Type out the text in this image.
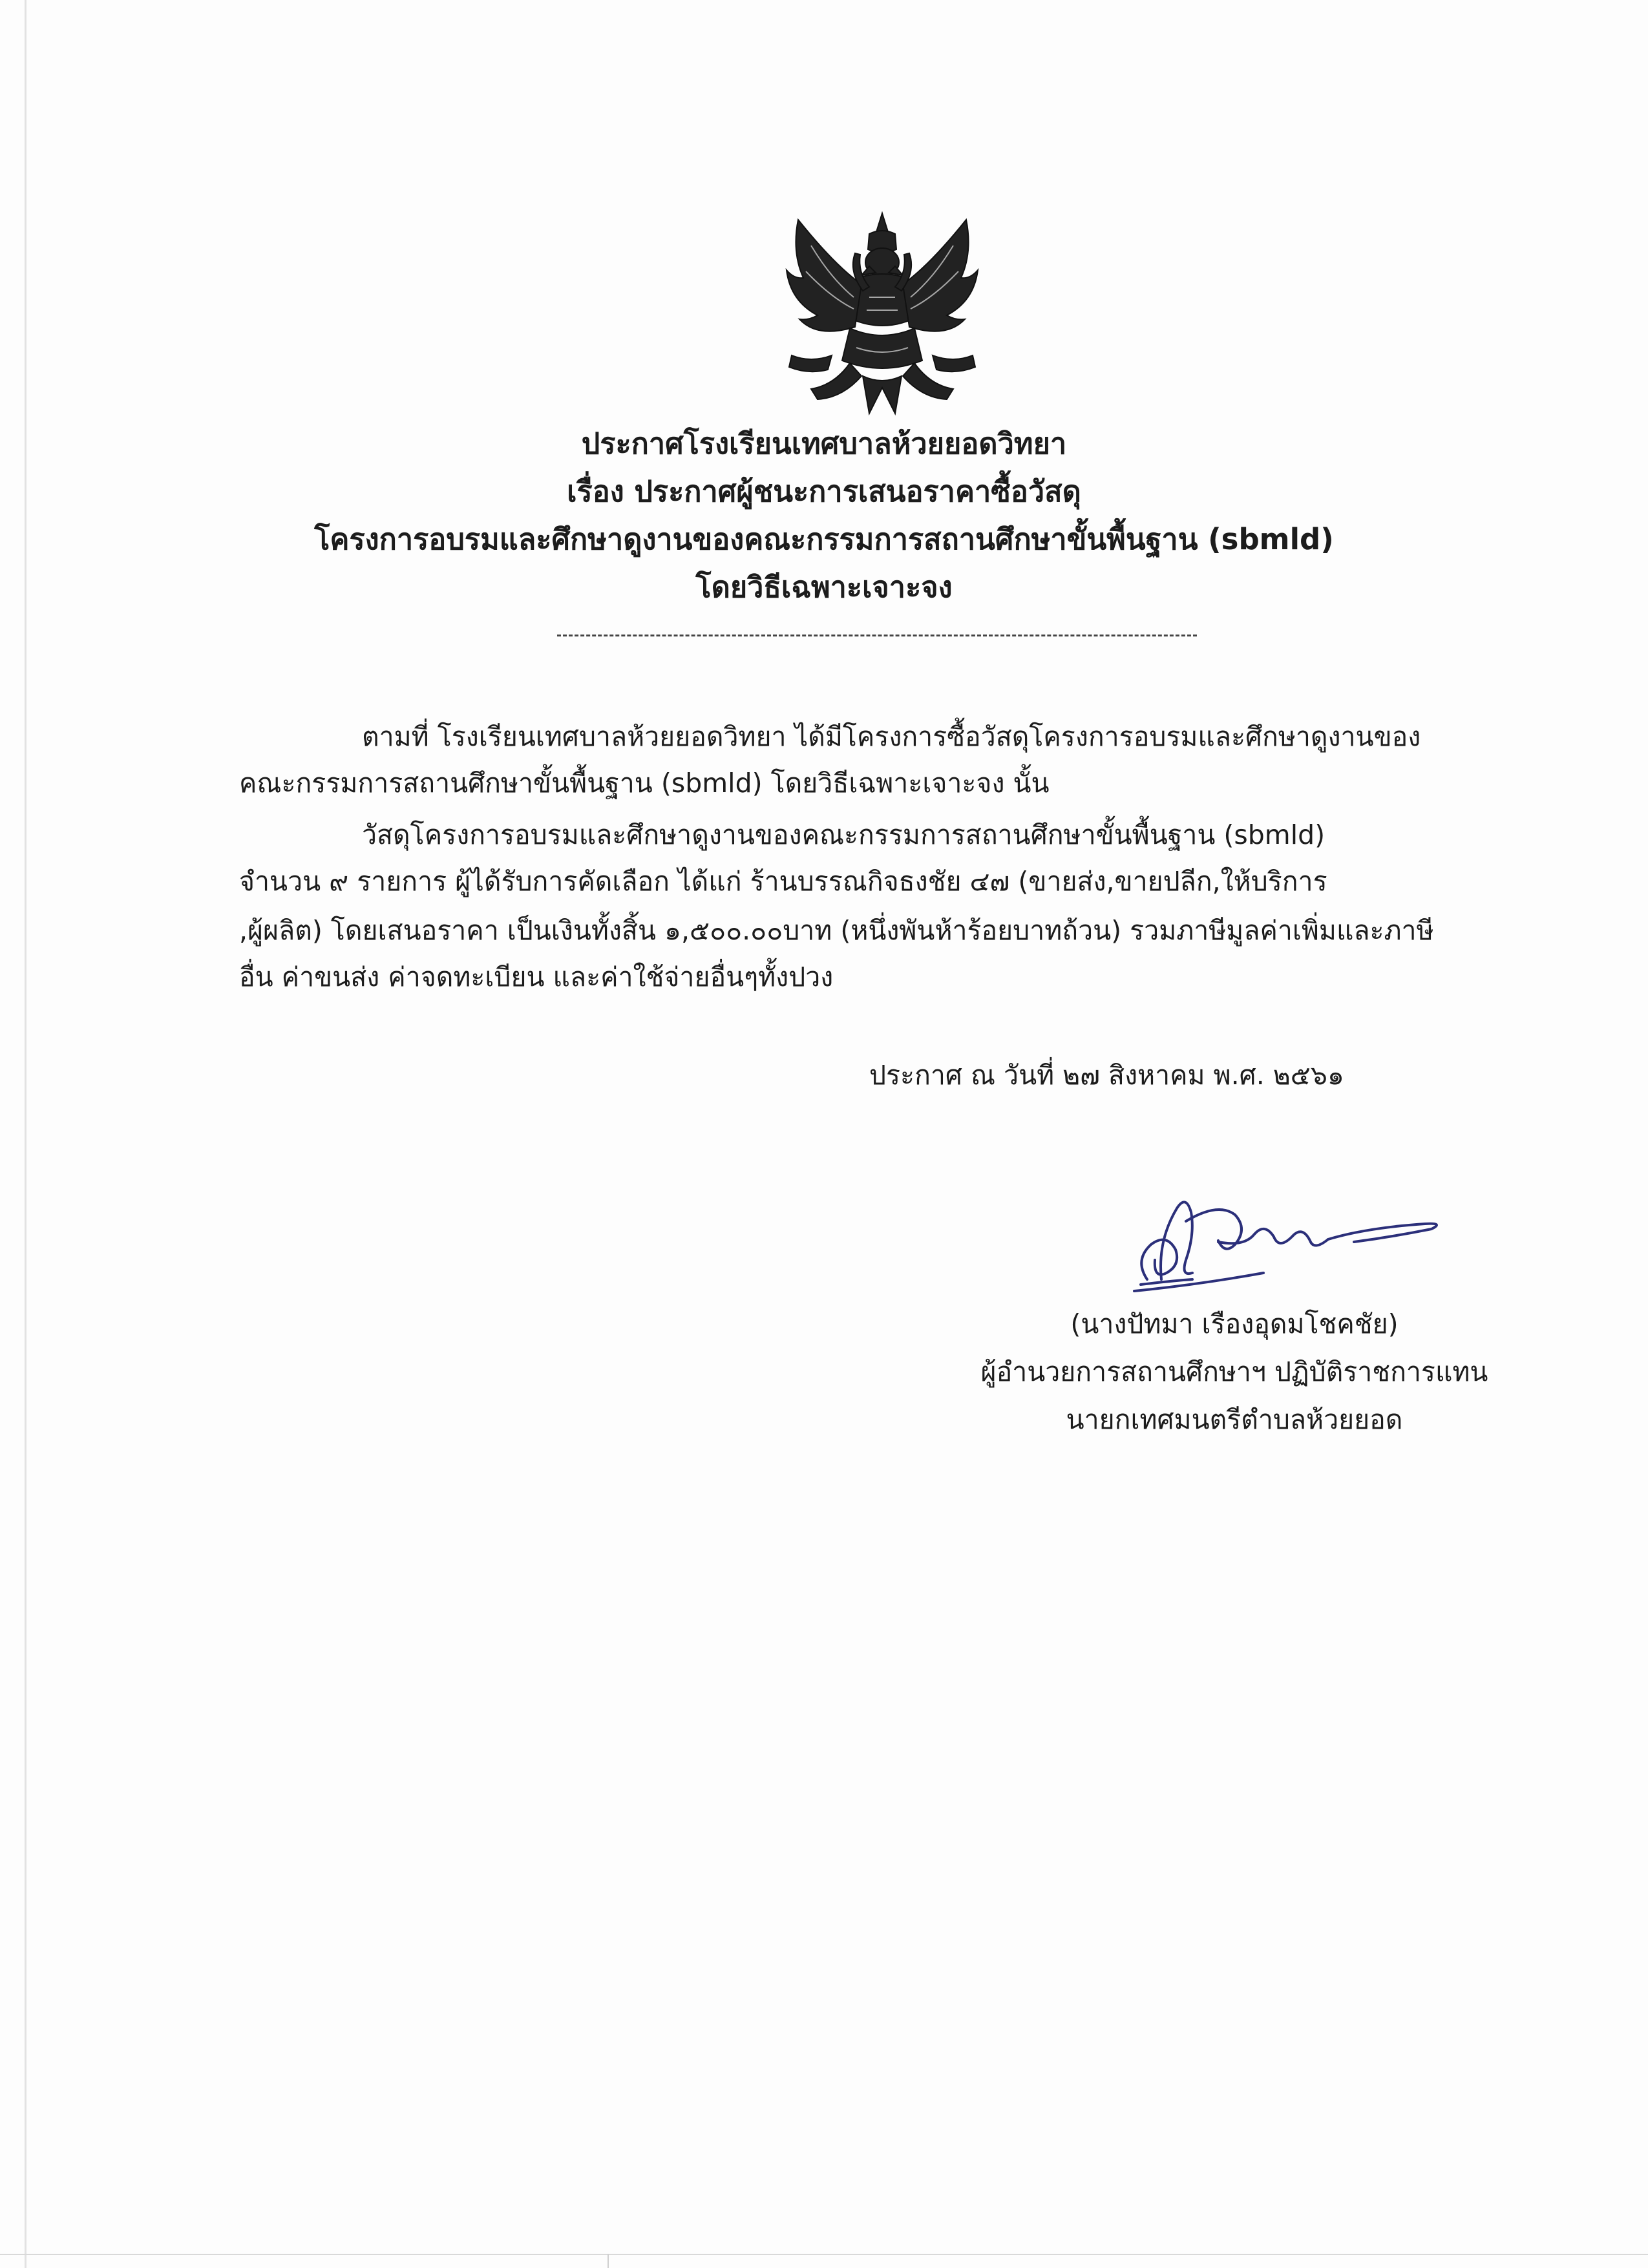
ประกาศโรงเรียนเทศบาลห้วยยอดวิทยา
เรื่อง ประกาศผู้ชนะการเสนอราคาซื้อวัสดุ
โครงการอบรมและศึกษาดูงานของคณะกรรมการสถานศึกษาขั้นพื้นฐาน (sbmld)
โดยวิธีเฉพาะเจาะจง
ตามที่ โรงเรียนเทศบาลห้วยยอดวิทยา ได้มีโครงการซื้อวัสดุโครงการอบรมและศึกษาดูงานของ
คณะกรรมการสถานศึกษาขั้นพื้นฐาน (sbmld) โดยวิธีเฉพาะเจาะจง นั้น
วัสดุโครงการอบรมและศึกษาดูงานของคณะกรรมการสถานศึกษาขั้นพื้นฐาน (sbmld)
จำนวน ๙ รายการ ผู้ได้รับการคัดเลือก ได้แก่ ร้านบรรณกิจธงชัย ๔๗ (ขายส่ง,ขายปลีก,ให้บริการ
,ผู้ผลิต) โดยเสนอราคา เป็นเงินทั้งสิ้น ๑,๕๐๐.๐๐บาท (หนึ่งพันห้าร้อยบาทถ้วน) รวมภาษีมูลค่าเพิ่มและภาษี
อื่น ค่าขนส่ง ค่าจดทะเบียน และค่าใช้จ่ายอื่นๆทั้งปวง
ประกาศ ณ วันที่ ๒๗ สิงหาคม พ.ศ. ๒๕๖๑
(นางปัทมา เรืองอุดมโชคชัย)
ผู้อำนวยการสถานศึกษาฯ ปฏิบัติราชการแทน
นายกเทศมนตรีตำบลห้วยยอด
